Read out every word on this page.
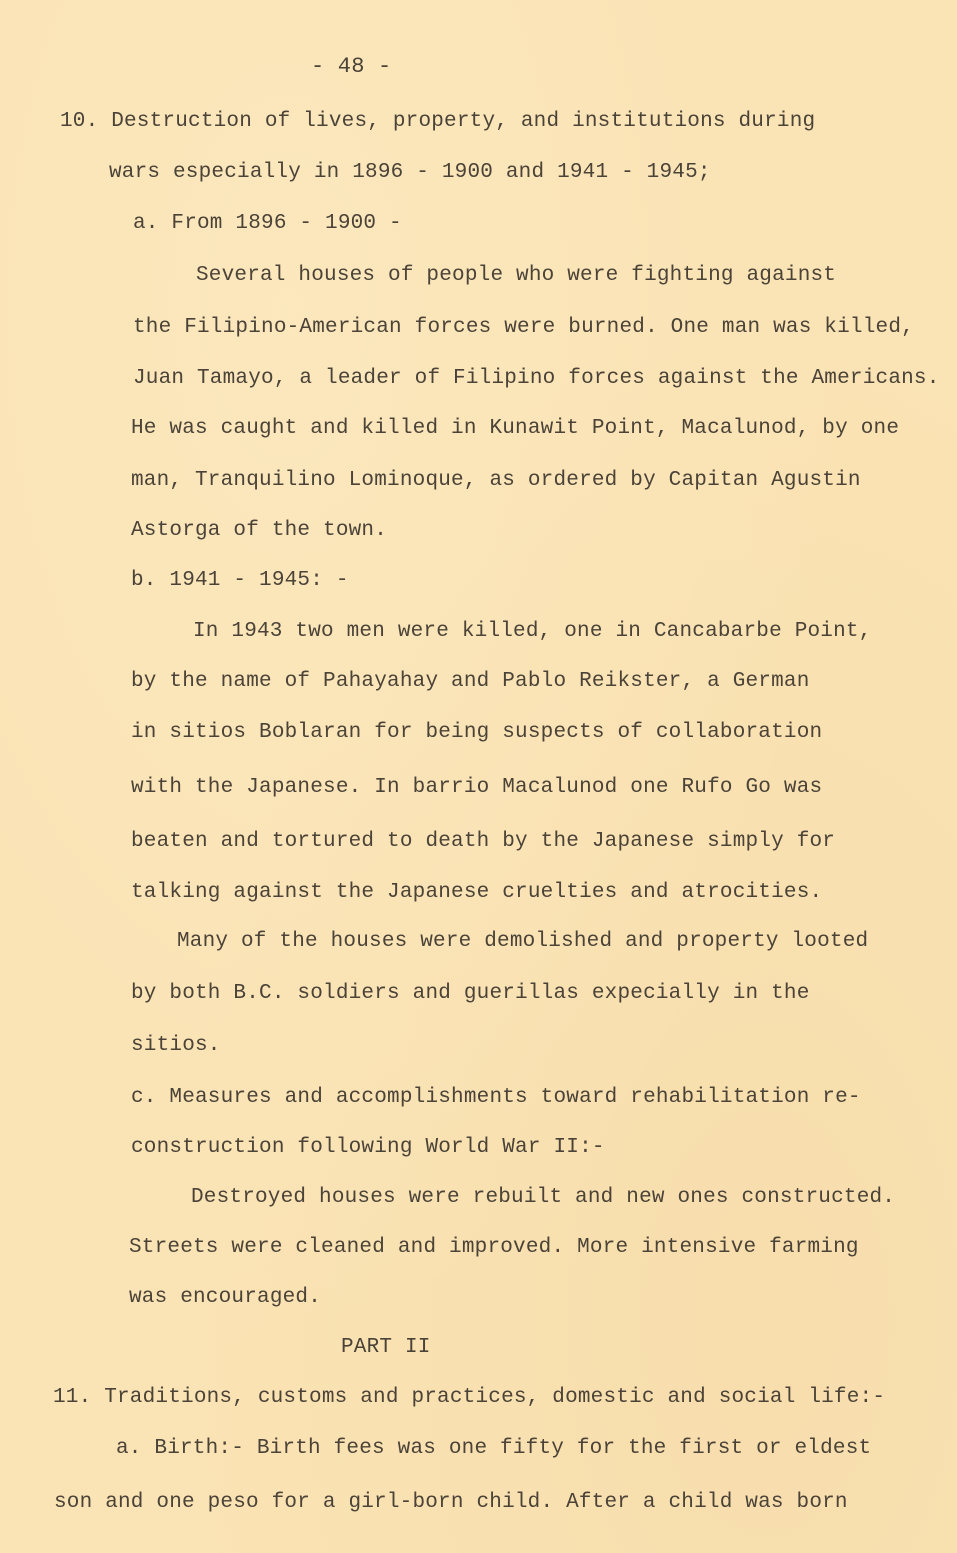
- 48 -
10. Destruction of lives, property, and institutions during
wars especially in 1896 - 1900 and 1941 - 1945;
a. From 1896 - 1900 -
Several houses of people who were fighting against
the Filipino-American forces were burned. One man was killed,
Juan Tamayo, a leader of Filipino forces against the Americans.
He was caught and killed in Kunawit Point, Macalunod, by one
man, Tranquilino Lominoque, as ordered by Capitan Agustin
Astorga of the town.
b. 1941 - 1945: -
In 1943 two men were killed, one in Cancabarbe Point,
by the name of Pahayahay and Pablo Reikster, a German
in sitios Boblaran for being suspects of collaboration
with the Japanese. In barrio Macalunod one Rufo Go was
beaten and tortured to death by the Japanese simply for
talking against the Japanese cruelties and atrocities.
Many of the houses were demolished and property looted
by both B.C. soldiers and guerillas expecially in the
sitios.
c. Measures and accomplishments toward rehabilitation re-
construction following World War II:-
Destroyed houses were rebuilt and new ones constructed.
Streets were cleaned and improved. More intensive farming
was encouraged.
PART II
11. Traditions, customs and practices, domestic and social life:-
a. Birth:- Birth fees was one fifty for the first or eldest
son and one peso for a girl-born child. After a child was born
